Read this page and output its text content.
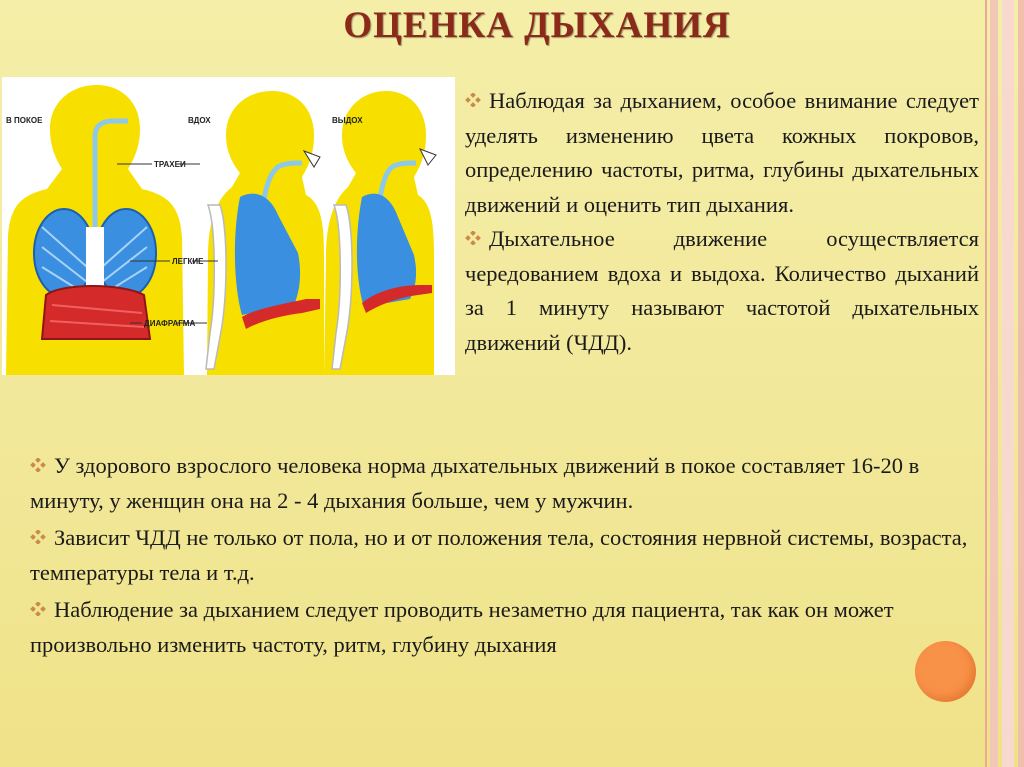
ОЦЕНКА ДЫХАНИЯ
В ПОКОЕ	ВДОХ	ВЫДОХ
ТРАХЕИ
ЛЕГКИЕ
ДИАФРАГМА

Наблюдая за дыханием, особое внимание следует уделять изменению цвета кожных покровов, определению частоты, ритма, глубины дыхательных движений и оценить тип дыхания.

Дыхательное движение осуществляется чередованием вдоха и выдоха. Количество дыханий за 1 минуту называют частотой дыхательных движений (ЧДД).

У здорового взрослого человека норма дыхательных движений в покое составляет 16-20 в минуту, у женщин она на 2 - 4 дыхания больше, чем у мужчин.

Зависит ЧДД не только от пола, но и от положения тела, состояния нервной системы, возраста, температуры тела и т.д.

Наблюдение за дыханием следует проводить незаметно для пациента, так как он может произвольно изменить частоту, ритм, глубину дыхания
